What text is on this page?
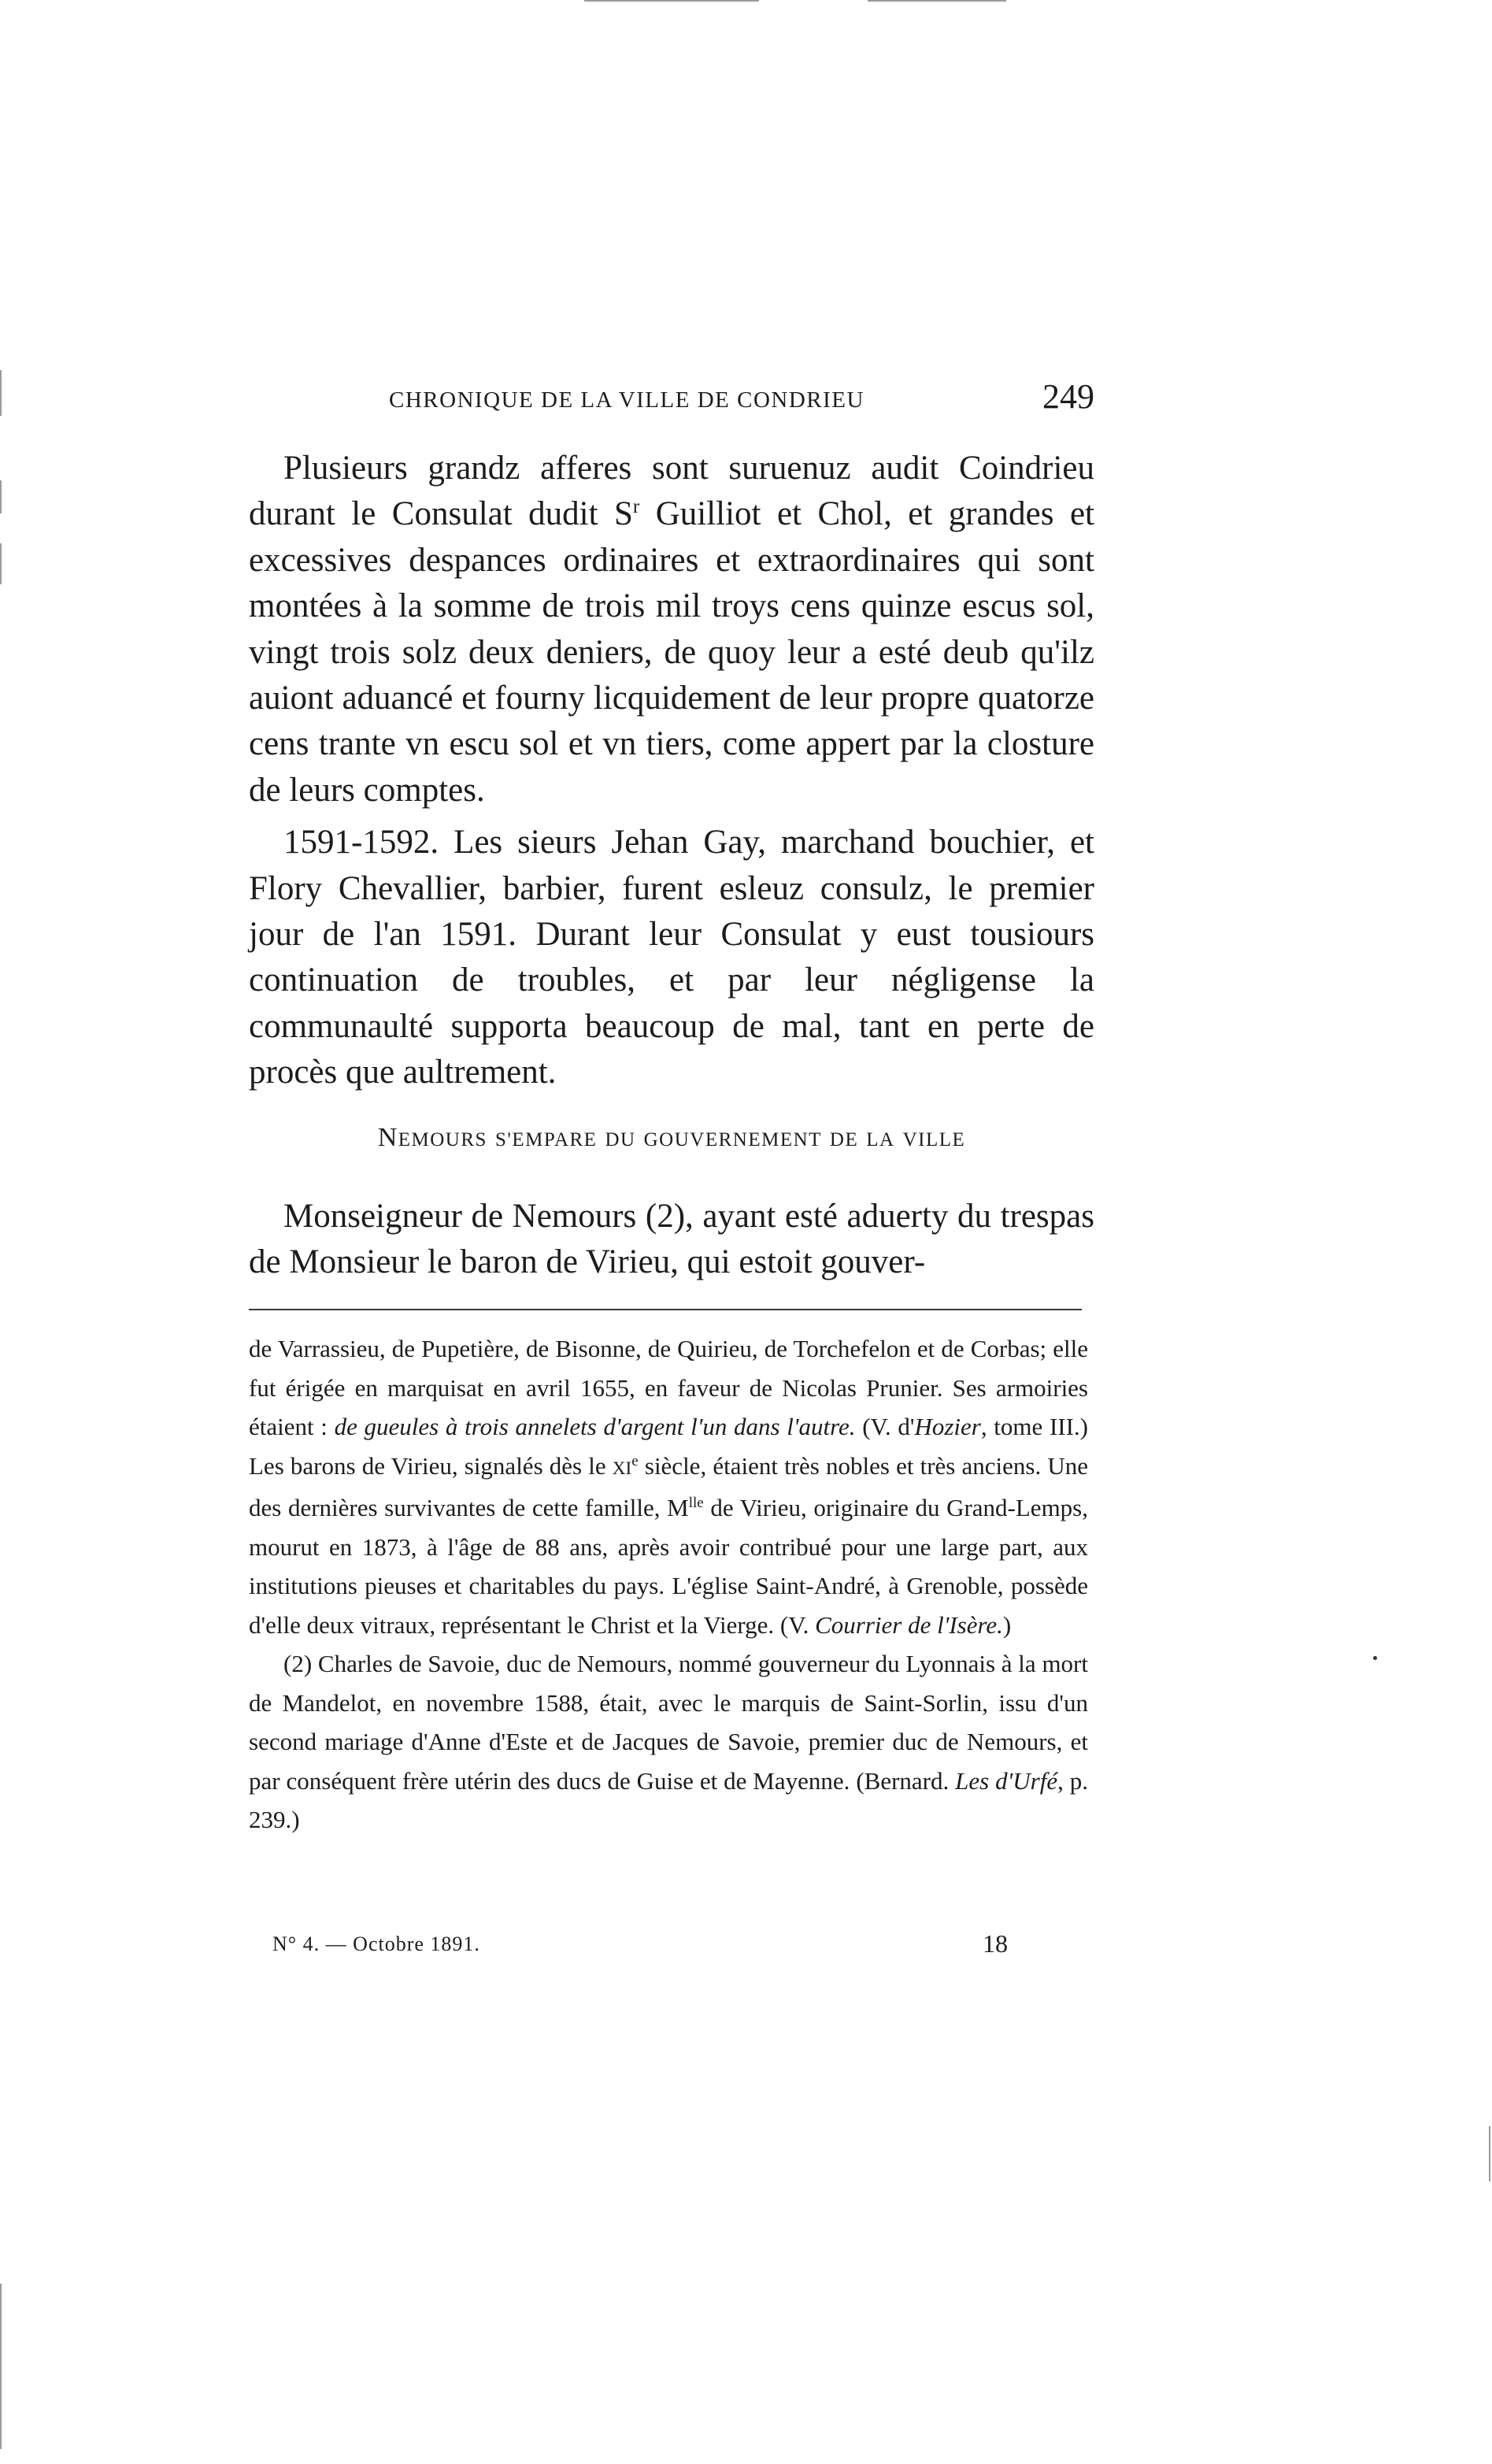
CHRONIQUE DE LA VILLE DE CONDRIEU	249

Plusieurs grandz afferes sont suruenuz audit Coindrieu durant le Consulat dudit $S^r$ Guilliot et Chol, et grandes et excessives despances ordinaires et extraordinaires qui sont montées à la somme de trois mil troys cens quinze escus sol, vingt trois solz deux deniers, de quoy leur a esté deub qu'ilz auiont aduancé et fourny licquidement de leur propre quatorze cens trante vn escu sol et vn tiers, come appert par la closture de leurs comptes.

1591-1592. Les sieurs Jehan Gay, marchand bouchier, et Flory Chevallier, barbier, furent esleuz consulz, le premier jour de l'an 1591. Durant leur Consulat y eust tousiours continuation de troubles, et par leur négligense la communaulté supporta beaucoup de mal, tant en perte de procès que aultrement.

NEMOURS S'EMPARE DU GOUVERNEMENT DE LA VILLE

Monseigneur de Nemours (2), ayant esté aduerty du trespas de Monsieur le baron de Virieu, qui estoit gouver-

de Varrassieu, de Pupetière, de Bisonne, de Quirieu, de Torchefelon et de Corbas; elle fut érigée en marquisat en avril 1655, en faveur de Nicolas Prunier. Ses armoiries étaient : de gueules à trois annelets d'argent l'un dans l'autre. (V. d'Hozier, tome III.) Les barons de Virieu, signalés dès le XIe siècle, étaient très nobles et très anciens. Une des dernières survivantes de cette famille, $M^{lle}$ de Virieu, originaire du Grand-Lemps, mourut en 1873, à l'âge de 88 ans, après avoir contribué pour une large part, aux institutions pieuses et charitables du pays. L'église Saint-André, à Grenoble, possède d'elle deux vitraux, représentant le Christ et la Vierge. (V. Courrier de l'Isère.)

(2) Charles de Savoie, duc de Nemours, nommé gouverneur du Lyonnais à la mort de Mandelot, en novembre 1588, était, avec le marquis de Saint-Sorlin, issu d'un second mariage d'Anne d'Este et de Jacques de Savoie, premier duc de Nemours, et par conséquent frère utérin des ducs de Guise et de Mayenne. (Bernard. Les d'Urfé, p. 239.)

N° 4. — Octobre 1891.	18
